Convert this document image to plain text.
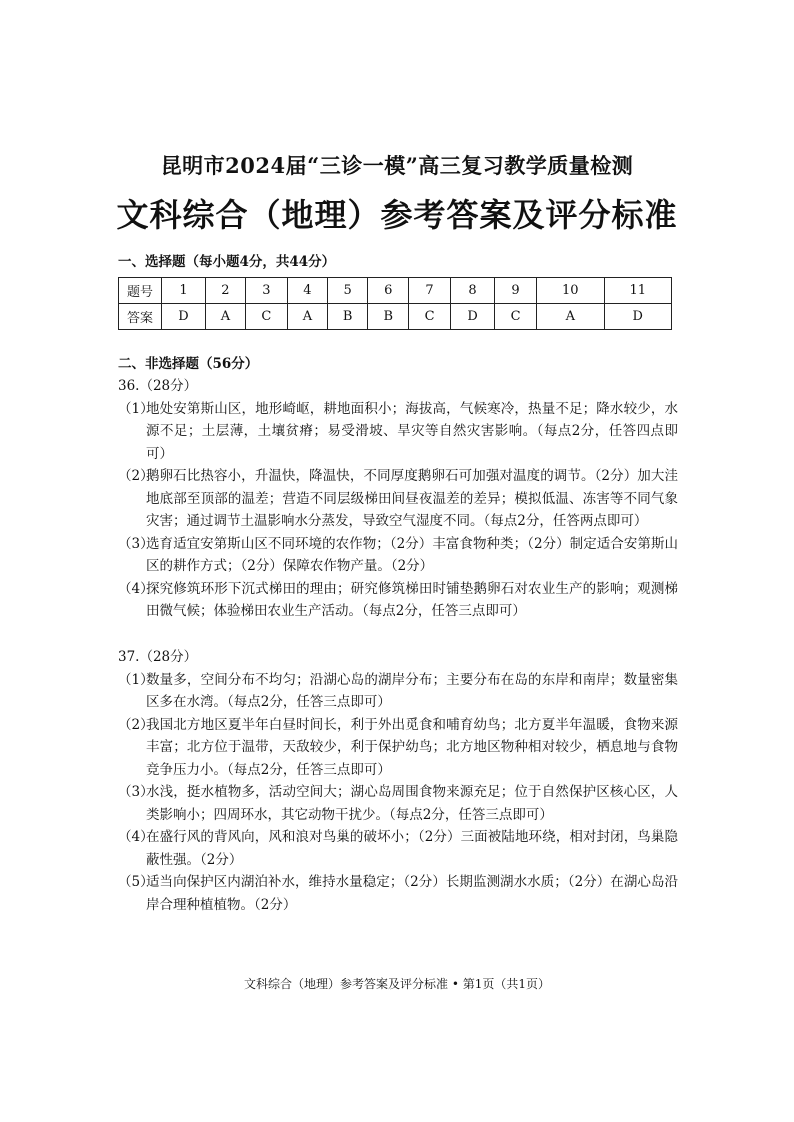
昆明市2024届“三诊一模”高三复习教学质量检测
文科综合（地理）参考答案及评分标准
一、选择题（每小题4分，共44分）
题号	1	2	3	4	5	6	7	8	9	10	11
答案	D	A	C	A	B	B	C	D	C	A	D
二、非选择题（56分）

36.（28分）

（1）
地处安第斯山区，地形崎岖，耕地面积小；海拔高，气候寒冷，热量不足；降水较少，水源不足；土层薄，土壤贫瘠；易受滑坡、旱灾等自然灾害影响。（每点2分，任答四点即可）

（2）
鹅卵石比热容小，升温快，降温快，不同厚度鹅卵石可加强对温度的调节。（2分）加大洼地底部至顶部的温差；营造不同层级梯田间昼夜温差的差异；模拟低温、冻害等不同气象灾害；通过调节土温影响水分蒸发，导致空气湿度不同。（每点2分，任答两点即可）

（3）
选育适宜安第斯山区不同环境的农作物；（2分）丰富食物种类；（2分）制定适合安第斯山区的耕作方式；（2分）保障农作物产量。（2分）

（4）
探究修筑环形下沉式梯田的理由；研究修筑梯田时铺垫鹅卵石对农业生产的影响；观测梯田微气候；体验梯田农业生产活动。（每点2分，任答三点即可）

37.（28分）

（1）
数量多，空间分布不均匀；沿湖心岛的湖岸分布；主要分布在岛的东岸和南岸；数量密集区多在水湾。（每点2分，任答三点即可）

（2）
我国北方地区夏半年白昼时间长，利于外出觅食和哺育幼鸟；北方夏半年温暖，食物来源丰富；北方位于温带，天敌较少，利于保护幼鸟；北方地区物种相对较少，栖息地与食物竞争压力小。（每点2分，任答三点即可）

（3）
水浅，挺水植物多，活动空间大；湖心岛周围食物来源充足；位于自然保护区核心区，人类影响小；四周环水，其它动物干扰少。（每点2分，任答三点即可）

（4）
在盛行风的背风向，风和浪对鸟巢的破坏小；（2分）三面被陆地环绕，相对封闭，鸟巢隐蔽性强。（2分）

（5）
适当向保护区内湖泊补水，维持水量稳定；（2分）长期监测湖水水质；（2分）在湖心岛沿岸合理种植植物。（2分）

文科综合（地理）参考答案及评分标准 • 第1页（共1页）
